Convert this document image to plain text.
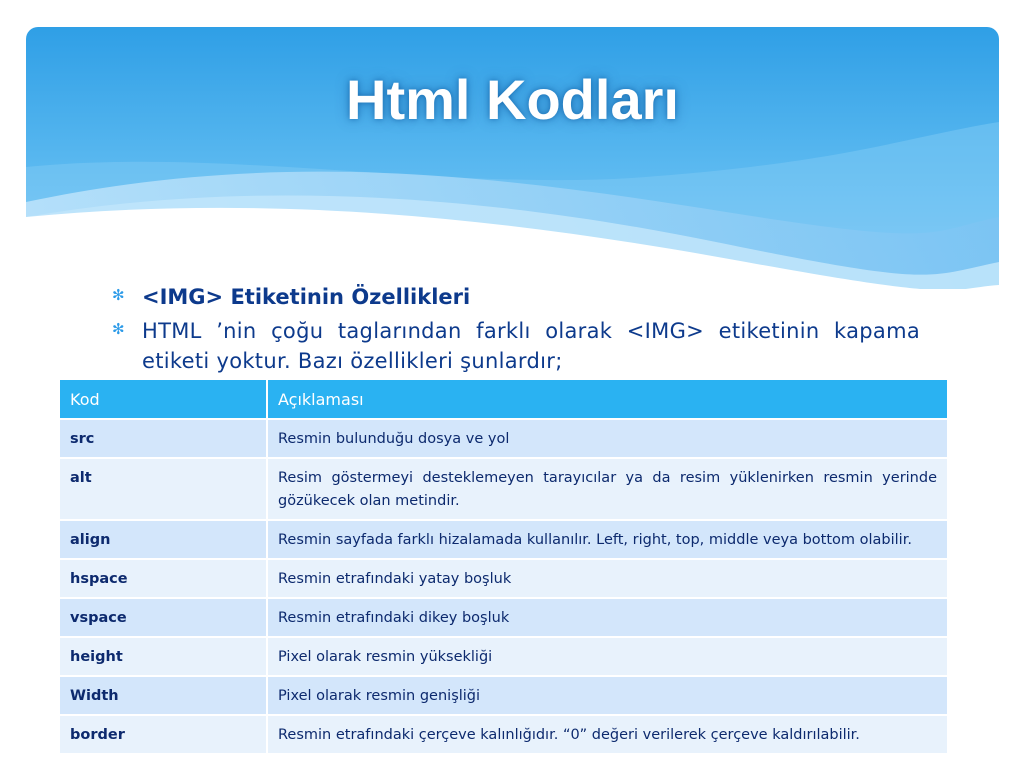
Html Kodları
✻ <IMG> Etiketinin Özellikleri
✻ HTML ’nin çoğu taglarından farklı olarak <IMG> etiketinin kapama etiketi yoktur. Bazı özellikleri şunlardır;
Kod	Açıklaması
src	Resmin bulunduğu dosya ve yol
alt	Resim göstermeyi desteklemeyen tarayıcılar ya da resim yüklenirken resmin yerinde gözükecek olan metindir.
align	Resmin sayfada farklı hizalamada kullanılır. Left, right, top, middle veya bottom olabilir.
hspace	Resmin etrafındaki yatay boşluk
vspace	Resmin etrafındaki dikey boşluk
height	Pixel olarak resmin yüksekliği
Width	Pixel olarak resmin genişliği
border	Resmin etrafındaki çerçeve kalınlığıdır. “0” değeri verilerek çerçeve kaldırılabilir.
